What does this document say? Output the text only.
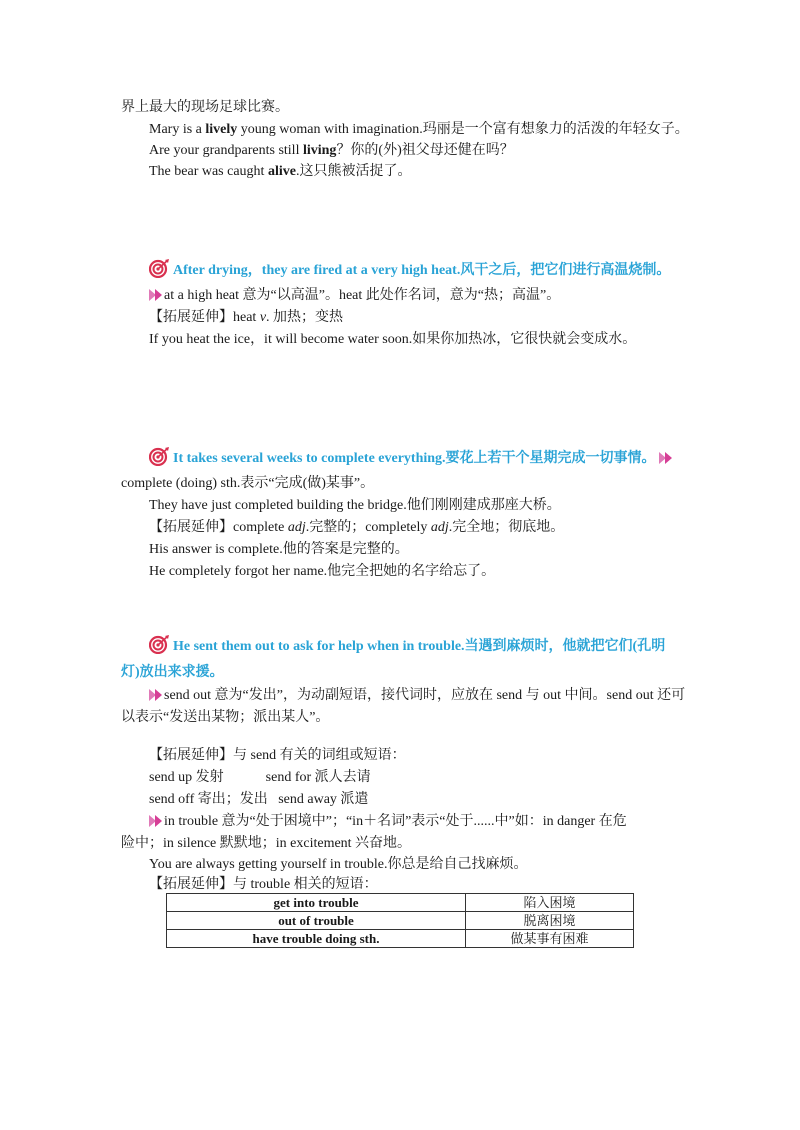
界上最大的现场足球比赛。
Mary is a lively young woman with imagination.玛丽是一个富有想象力的活泼的年轻女子。
Are your grandparents still living？你的(外)祖父母还健在吗？
The bear was caught alive.这只熊被活捉了。
After drying，they are fired at a very high heat.风干之后，把它们进行高温烧制。
at a high heat 意为“以高温”。heat 此处作名词，意为“热；高温”。
【拓展延伸】heat v. 加热；变热
If you heat the ice，it will become water soon.如果你加热冰，它很快就会变成水。
It takes several weeks to complete everything.要花上若干个星期完成一切事情。
complete (doing) sth.表示“完成(做)某事”。
They have just completed building the bridge.他们刚刚建成那座大桥。
【拓展延伸】complete adj.完整的；completely adj.完全地；彻底地。
His answer is complete.他的答案是完整的。
He completely forgot her name.他完全把她的名字给忘了。
He sent them out to ask for help when in trouble.当遇到麻烦时，他就把它们(孔明
灯)放出来求援。
send out 意为“发出”，为动副短语，接代词时，应放在 send 与 out 中间。send out 还可
以表示“发送出某物；派出某人”。
【拓展延伸】与 send 有关的词组或短语：
send up 发射            send for 派人去请
send off 寄出；发出   send away 派遣
in trouble 意为“处于困境中”；“in＋名词”表示“处于......中”如：in danger 在危
险中；in silence 默默地；in excitement 兴奋地。
You are always getting yourself in trouble.你总是给自己找麻烦。
【拓展延伸】与 trouble 相关的短语：
get into trouble	陷入困境
out of trouble	脱离困境
have trouble doing sth.	做某事有困难
